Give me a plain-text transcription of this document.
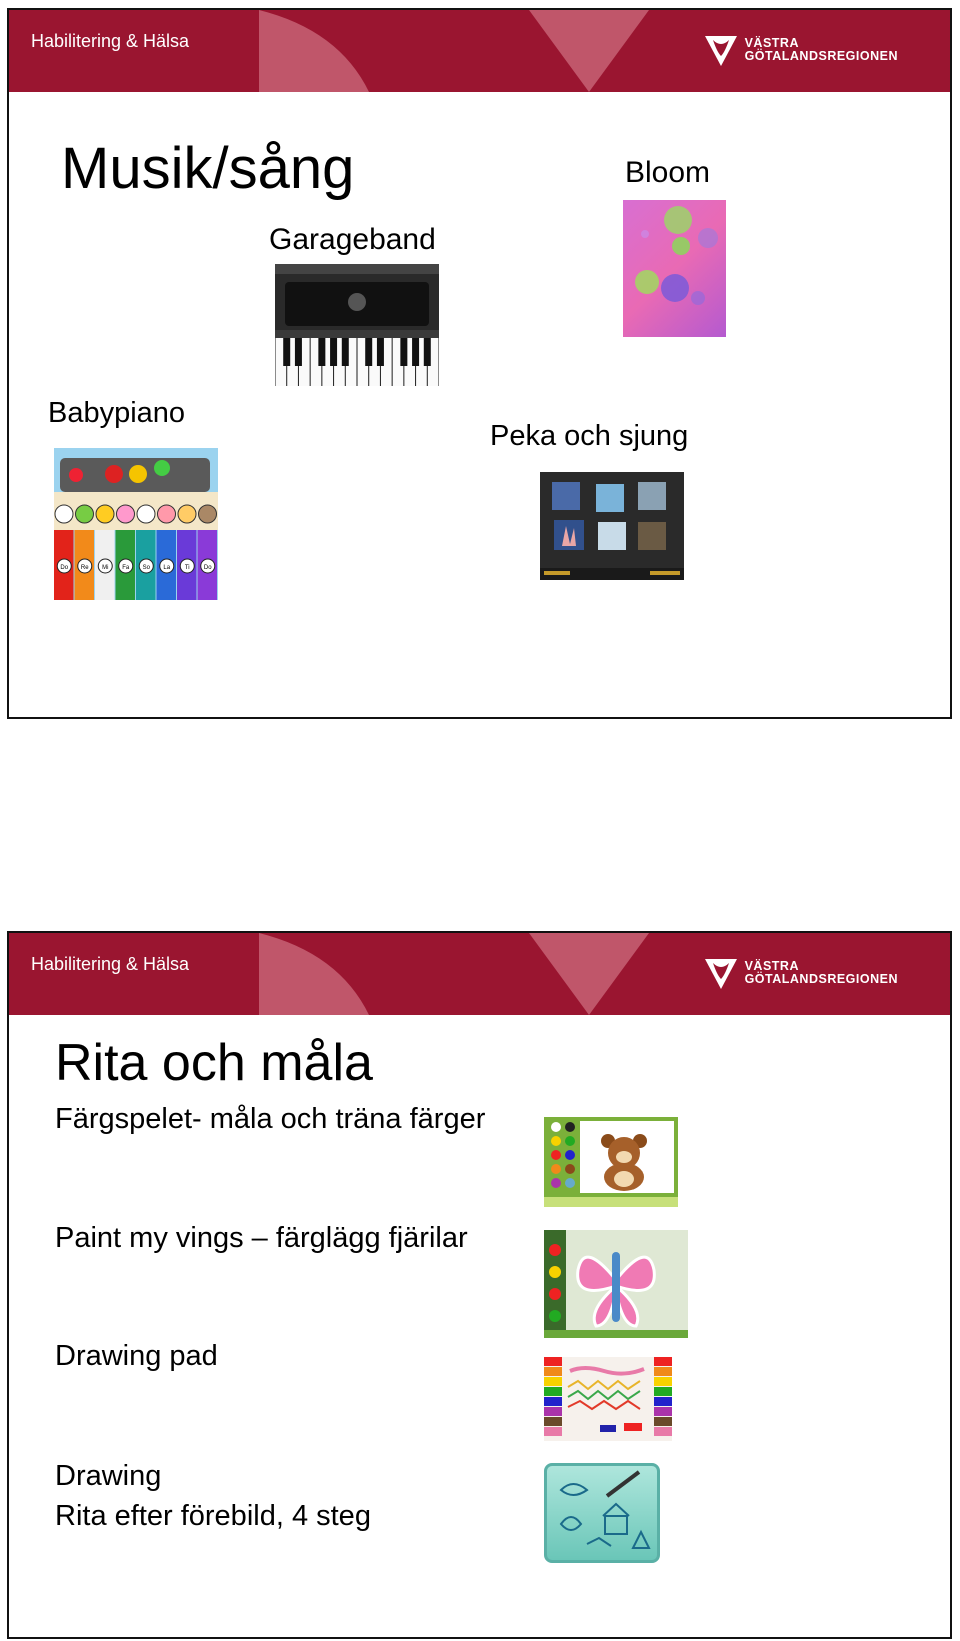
Habilitering & Hälsa	VÄSTRA
GÖTALANDSREGIONEN
Musik/sång
Garageband
Bloom
Babypiano
Do Re Mi Fa So La Ti Do
Peka och sjung
Habilitering & Hälsa	VÄSTRA
GÖTALANDSREGIONEN
Rita och måla
Färgspelet- måla och träna färger
Paint my vings – färglägg fjärilar
Drawing pad
Drawing
Rita efter förebild, 4 steg
